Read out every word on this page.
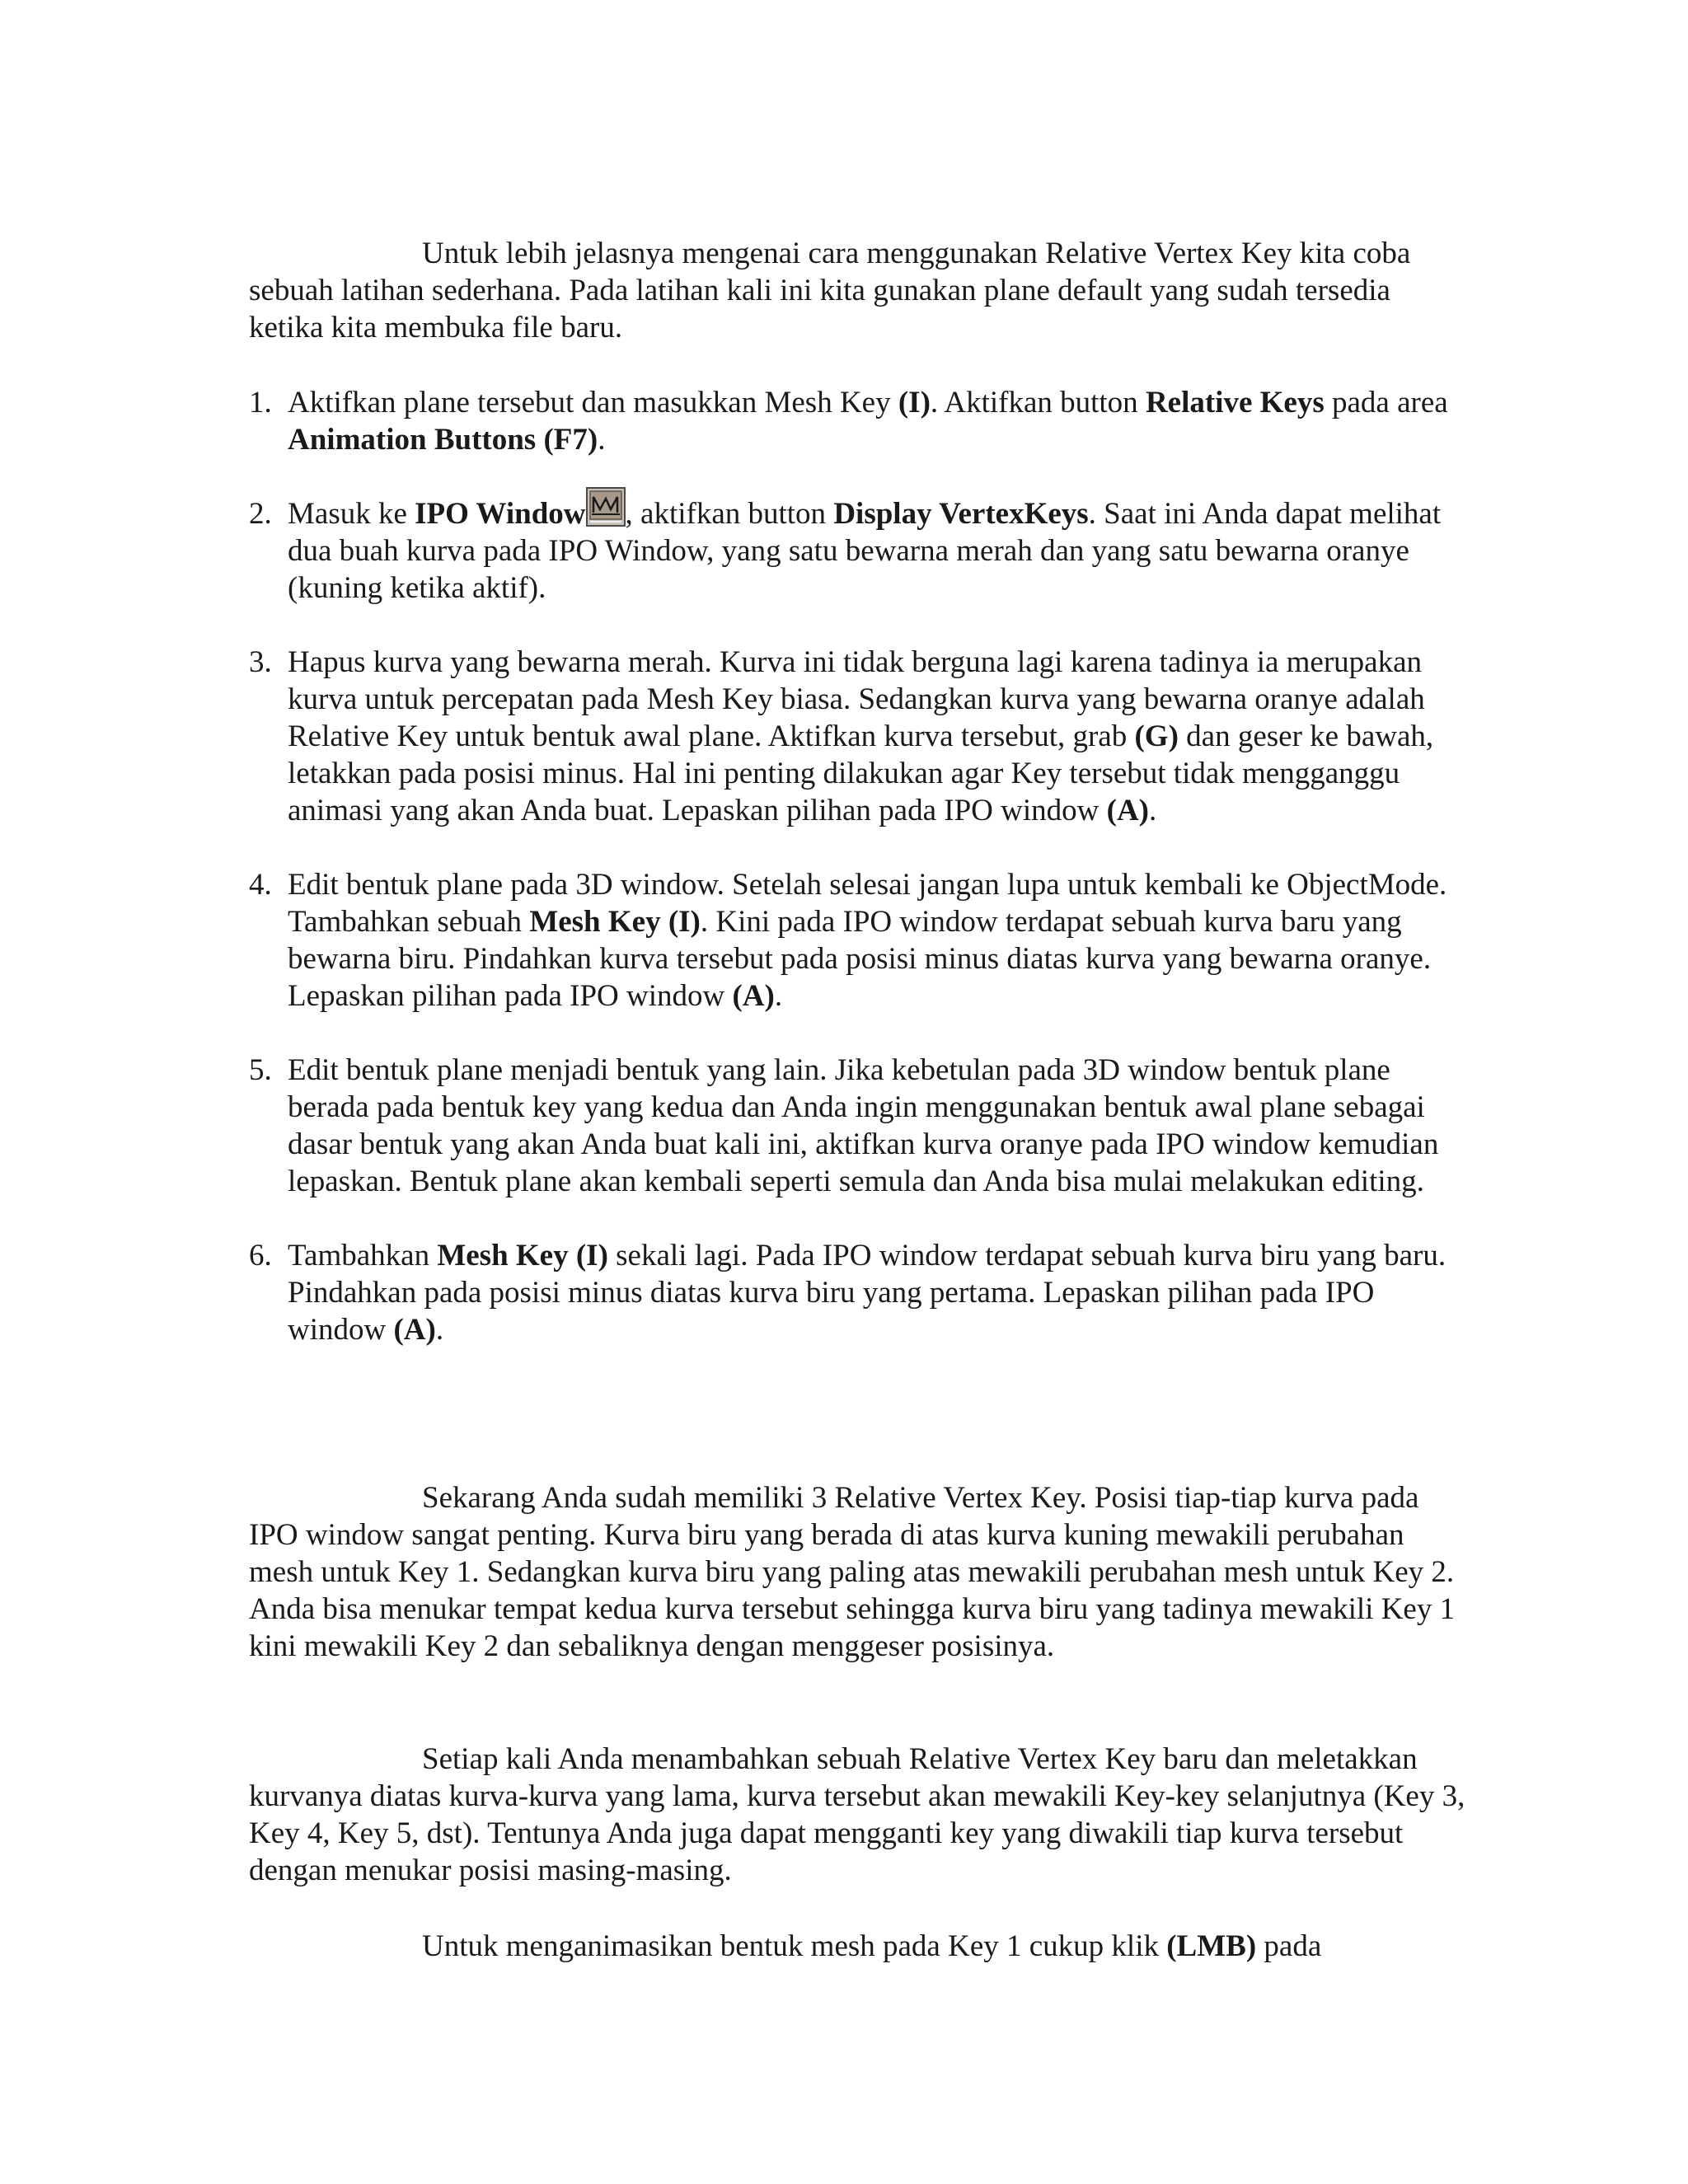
Untuk lebih jelasnya mengenai cara menggunakan Relative Vertex Key kita coba sebuah latihan sederhana. Pada latihan kali ini kita gunakan plane default yang sudah tersedia ketika kita membuka file baru.

1. Aktifkan plane tersebut dan masukkan Mesh Key (I). Aktifkan button Relative Keys pada area Animation Buttons (F7).
2. Masuk ke IPO Window , aktifkan button Display VertexKeys. Saat ini Anda dapat melihat dua buah kurva pada IPO Window, yang satu bewarna merah dan yang satu bewarna oranye (kuning ketika aktif).
3. Hapus kurva yang bewarna merah. Kurva ini tidak berguna lagi karena tadinya ia merupakan kurva untuk percepatan pada Mesh Key biasa. Sedangkan kurva yang bewarna oranye adalah Relative Key untuk bentuk awal plane. Aktifkan kurva tersebut, grab (G) dan geser ke bawah, letakkan pada posisi minus. Hal ini penting dilakukan agar Key tersebut tidak mengganggu animasi yang akan Anda buat. Lepaskan pilihan pada IPO window (A).
4. Edit bentuk plane pada 3D window. Setelah selesai jangan lupa untuk kembali ke ObjectMode. Tambahkan sebuah Mesh Key (I). Kini pada IPO window terdapat sebuah kurva baru yang bewarna biru. Pindahkan kurva tersebut pada posisi minus diatas kurva yang bewarna oranye. Lepaskan pilihan pada IPO window (A).
5. Edit bentuk plane menjadi bentuk yang lain. Jika kebetulan pada 3D window bentuk plane berada pada bentuk key yang kedua dan Anda ingin menggunakan bentuk awal plane sebagai dasar bentuk yang akan Anda buat kali ini, aktifkan kurva oranye pada IPO window kemudian lepaskan. Bentuk plane akan kembali seperti semula dan Anda bisa mulai melakukan editing.
6. Tambahkan Mesh Key (I) sekali lagi. Pada IPO window terdapat sebuah kurva biru yang baru. Pindahkan pada posisi minus diatas kurva biru yang pertama. Lepaskan pilihan pada IPO window (A).

Sekarang Anda sudah memiliki 3 Relative Vertex Key. Posisi tiap-tiap kurva pada IPO window sangat penting. Kurva biru yang berada di atas kurva kuning mewakili perubahan mesh untuk Key 1. Sedangkan kurva biru yang paling atas mewakili perubahan mesh untuk Key 2. Anda bisa menukar tempat kedua kurva tersebut sehingga kurva biru yang tadinya mewakili Key 1 kini mewakili Key 2 dan sebaliknya dengan menggeser posisinya.

Setiap kali Anda menambahkan sebuah Relative Vertex Key baru dan meletakkan kurvanya diatas kurva-kurva yang lama, kurva tersebut akan mewakili Key-key selanjutnya (Key 3, Key 4, Key 5, dst). Tentunya Anda juga dapat mengganti key yang diwakili tiap kurva tersebut dengan menukar posisi masing-masing.

Untuk menganimasikan bentuk mesh pada Key 1 cukup klik (LMB) pada
